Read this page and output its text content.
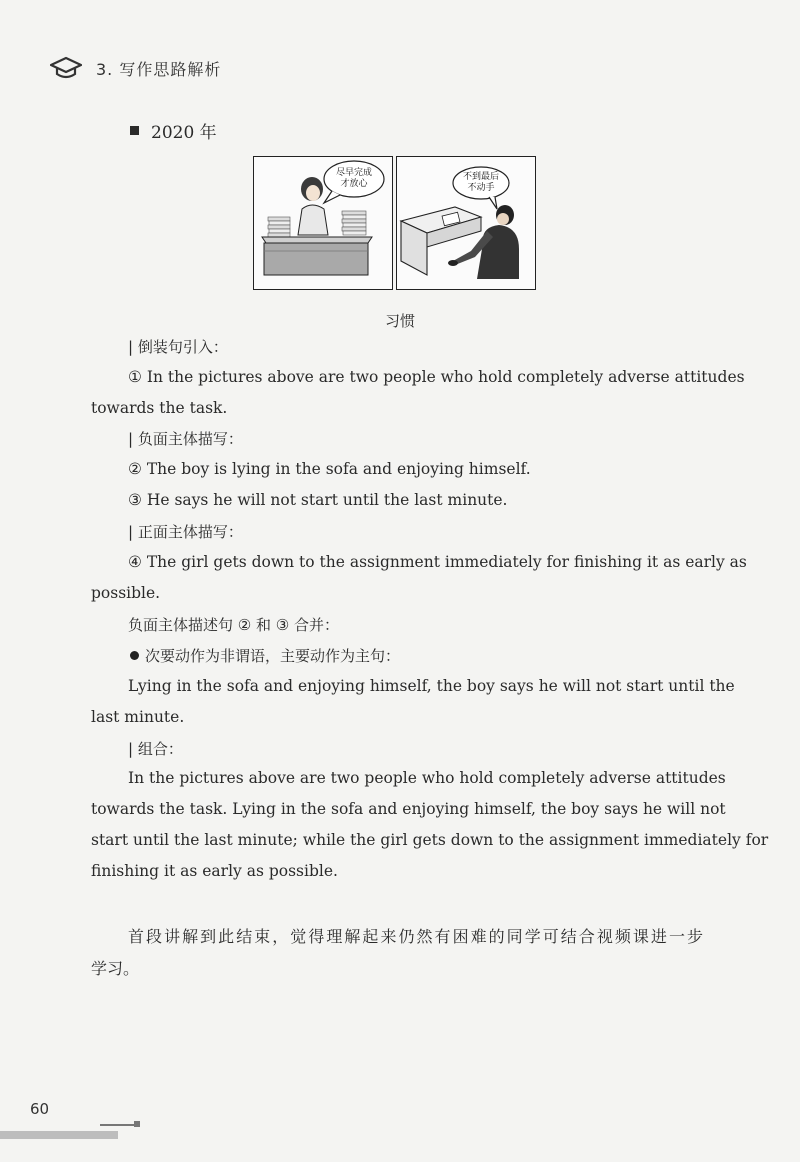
3. 写作思路解析
2020 年
尽早完成
才放心
不到最后
不动手
习惯
| 倒装句引入：
① In the pictures above are two people who hold completely adverse attitudes
towards the task.
| 负面主体描写：
② The boy is lying in the sofa and enjoying himself.
③ He says he will not start until the last minute.
| 正面主体描写：
④ The girl gets down to the assignment immediately for finishing it as early as
possible.
负面主体描述句 ② 和 ③ 合并：
次要动作为非谓语，主要动作为主句：
Lying in the sofa and enjoying himself, the boy says he will not start until the
last minute.
| 组合：
In the pictures above are two people who hold completely adverse attitudes
towards the task. Lying in the sofa and enjoying himself, the boy says he will not
start until the last minute; while the girl gets down to the assignment immediately for
finishing it as early as possible.
首段讲解到此结束，觉得理解起来仍然有困难的同学可结合视频课进一步
学习。
60
